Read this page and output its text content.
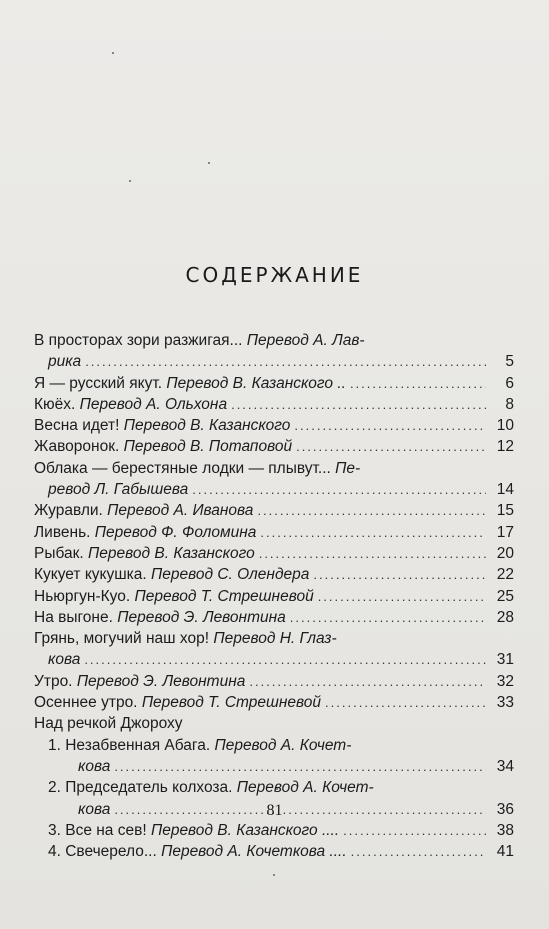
СОДЕРЖАНИЕ
В просторах зори разжигая... Перевод А. Лав-
рика .....	5
Я — русский якут. Перевод В. Казанского .. .....	6
Кюёх. Перевод А. Ольхона .....	8
Весна идет! Перевод В. Казанского .....	10
Жаворонок. Перевод В. Потаповой .....	12
Облака — берестяные лодки — плывут... Пе-
ревод Л. Габышева .....	14
Журавли. Перевод А. Иванова .....	15
Ливень. Перевод Ф. Фоломина .....	17
Рыбак. Перевод В. Казанского .....	20
Кукует кукушка. Перевод С. Олендера .....	22
Ньюргун-Куо. Перевод Т. Стрешневой .....	25
На выгоне. Перевод Э. Левонтина .....	28
Грянь, могучий наш хор! Перевод Н. Глаз-
кова .....	31
Утро. Перевод Э. Левонтина .....	32
Осеннее утро. Перевод Т. Стрешневой .....	33
Над речкой Джороху
1. Незабвенная Абага. Перевод А. Кочет-
кова .....	34
2. Председатель колхоза. Перевод А. Кочет-
кова .....	36
3. Все на сев! Перевод В. Казанского .... .....	38
4. Свечерело... Перевод А. Кочеткова .... .....	41
81
